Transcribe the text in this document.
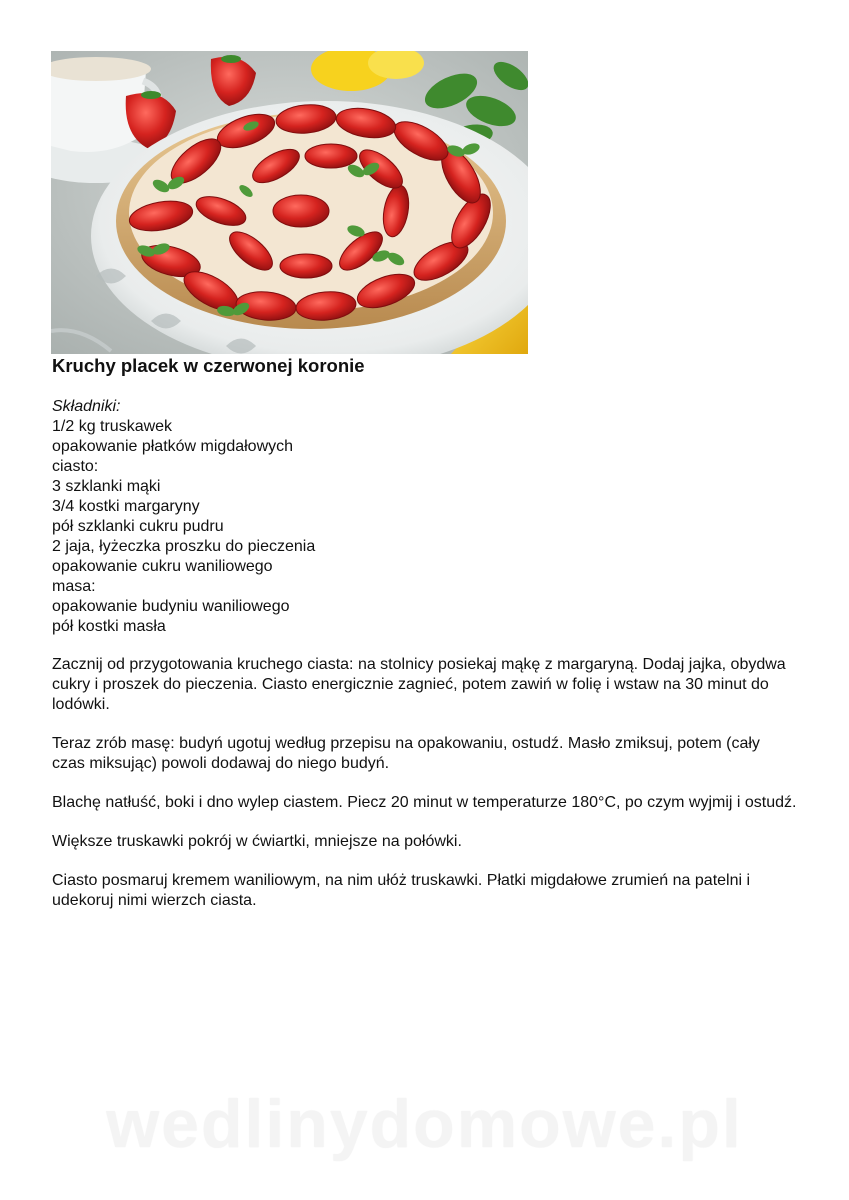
Kruchy placek w czerwonej koronie
Składniki:
1/2 kg truskawek
opakowanie płatków migdałowych
ciasto:
3 szklanki mąki
3/4 kostki margaryny
pół szklanki cukru pudru
2 jaja, łyżeczka proszku do pieczenia
opakowanie cukru waniliowego
masa:
opakowanie budyniu waniliowego
pół kostki masła

Zacznij od przygotowania kruchego ciasta: na stolnicy posiekaj mąkę z margaryną. Dodaj jajka, obydwa cukry i proszek do pieczenia. Ciasto energicznie zagnieć, potem zawiń w folię i wstaw na 30 minut do lodówki.

Teraz zrób masę: budyń ugotuj według przepisu na opakowaniu, ostudź. Masło zmiksuj, potem (cały czas miksując) powoli dodawaj do niego budyń.

Blachę natłuść, boki i dno wylep ciastem. Piecz 20 minut w temperaturze 180°C, po czym wyjmij i ostudź.

Większe truskawki pokrój w ćwiartki, mniejsze na połówki.

Ciasto posmaruj kremem waniliowym, na nim ułóż truskawki. Płatki migdałowe zrumień na patelni i udekoruj nimi wierzch ciasta.

wedlinydomowe.pl
